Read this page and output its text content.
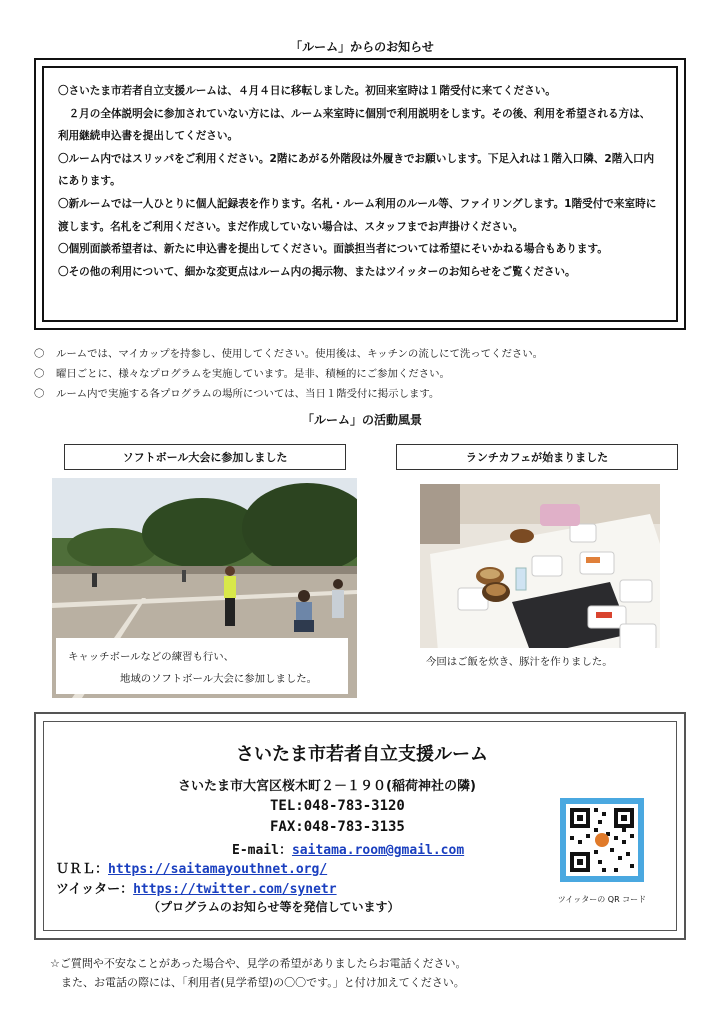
「ルーム」からのお知らせ

〇さいたま市若者自立支援ルームは、４月４日に移転しました。初回来室時は１階受付に来てください。

　２月の全体説明会に参加されていない方には、ルーム来室時に個別で利用説明をします。その後、利用を希望される方は、利用継続申込書を提出してください。

〇ルーム内ではスリッパをご利用ください。2階にあがる外階段は外履きでお願いします。下足入れは１階入口隣、2階入口内にあります。

〇新ルームでは一人ひとりに個人記録表を作ります。名札・ルーム利用のルール等、ファイリングします。1階受付で来室時に渡します。名札をご利用ください。まだ作成していない場合は、スタッフまでお声掛けください。

〇個別面談希望者は、新たに申込書を提出してください。面談担当者については希望にそいかねる場合もあります。

〇その他の利用について、細かな変更点はルーム内の掲示物、またはツイッターのお知らせをご覧ください。

〇 ルームでは、マイカップを持参し、使用してください。使用後は、キッチンの流しにて洗ってください。
〇 曜日ごとに、様々なプログラムを実施しています。是非、積極的にご参加ください。
〇 ルーム内で実施する各プログラムの場所については、当日１階受付に掲示します。
「ルーム」の活動風景
ソフトボール大会に参加しました	ランチカフェが始まりました
キャッチボールなどの練習も行い、
地域のソフトボール大会に参加しました。
今回はご飯を炊き、豚汁を作りました。
さいたま市若者自立支援ルーム
さいたま市大宮区桜木町２－１９０(稲荷神社の隣)
TEL:048-783-3120
FAX:048-783-3135
E-mail：saitama.room@gmail.com
ＵＲＬ：https://saitamayouthnet.org/
ツイッター：https://twitter.com/synetr
（プログラムのお知らせ等を発信しています）
ツイッターの QR コード
☆ご質問や不安なことがあった場合や、見学の希望がありましたらお電話ください。
　また、お電話の際には、「利用者(見学希望)の〇〇です。」と付け加えてください。
